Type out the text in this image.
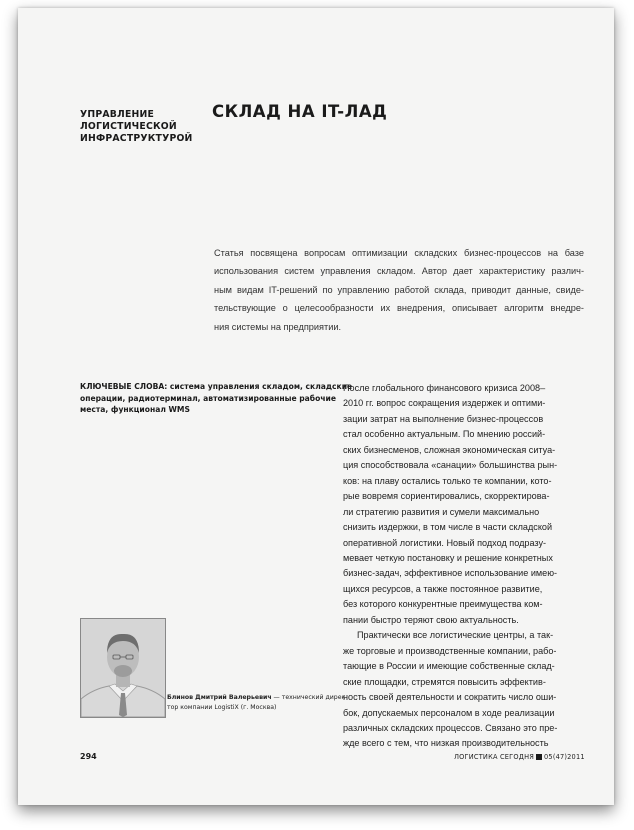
УПРАВЛЕНИЕ
ЛОГИСТИЧЕСКОЙ
ИНФРАСТРУКТУРОЙ
СКЛАД НА IT-ЛАД
Статья посвящена вопросам оптимизации складских бизнес-процессов на базе
использования систем управления складом. Автор дает характеристику различ-
ным видам IT-решений по управлению работой склада, приводит данные, свиде-
тельствующие о целесообразности их внедрения, описывает алгоритм внедре-
ния системы на предприятии.
КЛЮЧЕВЫЕ СЛОВА: система управления складом, складские
операции, радиотерминал, автоматизированные рабочие
места, функционал WMS
После глобального финансового кризиса 2008–
2010 гг. вопрос сокращения издержек и оптими-
зации затрат на выполнение бизнес-процессов
стал особенно актуальным. По мнению россий-
ских бизнесменов, сложная экономическая ситуа-
ция способствовала «санации» большинства рын-
ков: на плаву остались только те компании, кото-
рые вовремя сориентировались, скорректирова-
ли стратегию развития и сумели максимально
снизить издержки, в том числе в части складской
оперативной логистики. Новый подход подразу-
мевает четкую постановку и решение конкретных
бизнес-задач, эффективное использование имею-
щихся ресурсов, а также постоянное развитие,
без которого конкурентные преимущества ком-
пании быстро теряют свою актуальность.
Практически все логистические центры, а так-
же торговые и производственные компании, рабо-
тающие в России и имеющие собственные склад-
ские площадки, стремятся повысить эффектив-
ность своей деятельности и сократить число оши-
бок, допускаемых персоналом в ходе реализации
различных складских процессов. Связано это пре-
жде всего с тем, что низкая производительность

Блинов Дмитрий Валерьевич — технический дирек-
тор компании LogistiX (г. Москва)

294	ЛОГИСТИКА СЕГОДНЯ 05(47)2011
